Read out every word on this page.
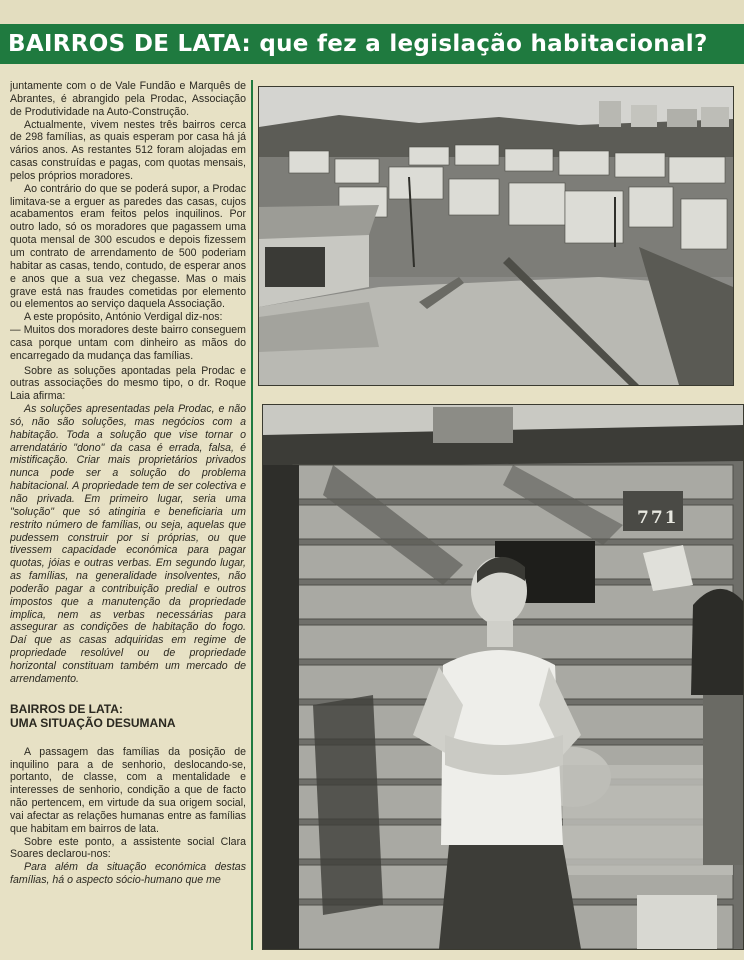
BAIRROS DE LATA: que fez a legislação habitacional?

juntamente com o de Vale Fundão e Marquês de Abrantes, é abrangido pela Prodac, Associação de Produtividade na Auto-Construção.

Actualmente, vivem nestes três bairros cerca de 298 famílias, as quais esperam por casa há já vários anos. As restantes 512 foram alojadas em casas construídas e pagas, com quotas mensais, pelos próprios moradores.

Ao contrário do que se poderá supor, a Prodac limitava-se a erguer as paredes das casas, cujos acabamentos eram feitos pelos inquilinos. Por outro lado, só os moradores que pagassem uma quota mensal de 300 escudos e depois fizessem um contrato de arrendamento de 500 poderiam habitar as casas, tendo, contudo, de esperar anos e anos que a sua vez chegasse. Mas o mais grave está nas fraudes cometidas por elemento ou elementos ao serviço daquela Associação.

A este propósito, António Verdigal diz-nos:

— Muitos dos moradores deste bairro conseguem casa porque untam com dinheiro as mãos do encarregado da mudança das famílias.

Sobre as soluções apontadas pela Prodac e outras associações do mesmo tipo, o dr. Roque Laia afirma:

As soluções apresentadas pela Prodac, e não só, não são soluções, mas negócios com a habitação. Toda a solução que vise tornar o arrendatário "dono" da casa é errada, falsa, é mistificação. Criar mais proprietários privados nunca pode ser a solução do problema habitacional. A propriedade tem de ser colectiva e não privada. Em primeiro lugar, seria uma "solução" que só atingiria e beneficiaria um restrito número de famílias, ou seja, aquelas que pudessem construir por si próprias, ou que tivessem capacidade económica para pagar quotas, jóias e outras verbas. Em segundo lugar, as famílias, na generalidade insolventes, não poderão pagar a contribuição predial e outros impostos que a manutenção da propriedade implica, nem as verbas necessárias para assegurar as condições de habitação do fogo. Daí que as casas adquiridas em regime de propriedade resolúvel ou de propriedade horizontal constituam também um mercado de arrendamento.

BAIRROS DE LATA:
UMA SITUAÇÃO DESUMANA

A passagem das famílias da posição de inquilino para a de senhorio, deslocando-se, portanto, de classe, com a mentalidade e interesses de senhorio, condição a que de facto não pertencem, em virtude da sua origem social, vai afectar as relações humanas entre as famílias que habitam em bairros de lata.

Sobre este ponto, a assistente social Clara Soares declarou-nos:

Para além da situação económica destas famílias, há o aspecto sócio-humano que me

771
